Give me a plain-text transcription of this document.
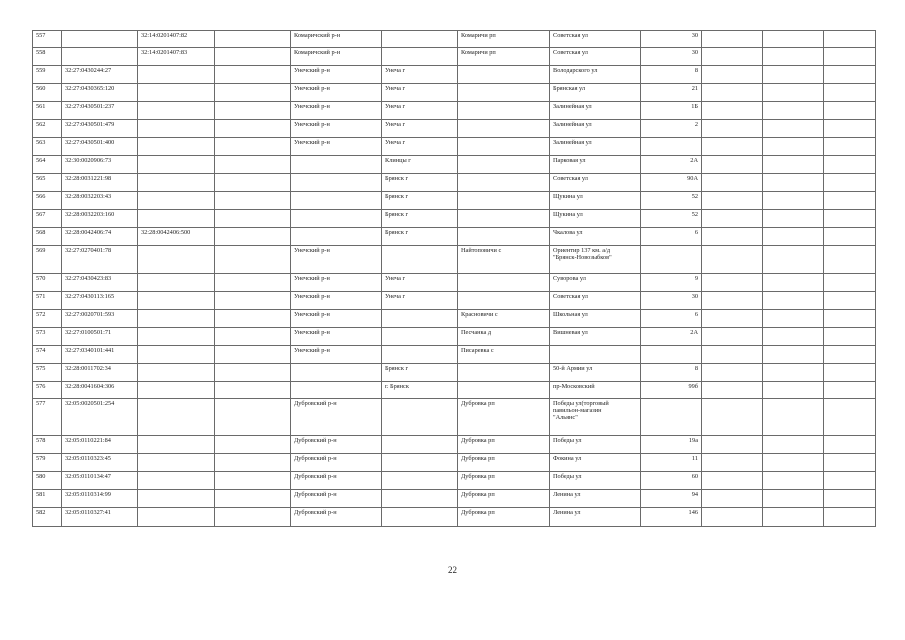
557		32:14:0201407:82		Комаричский р-н		Комаричи рп	Советская ул	30			
558		32:14:0201407:83		Комаричский р-н		Комаричи рп	Советская ул	30			
559	32:27:0430244:27			Унечский р-н	Унеча г		Володарского ул	8			
560	32:27:0430365:120			Унечский р-н	Унеча г		Брянская ул	21			
561	32:27:0430501:237			Унечский р-н	Унеча г		Залинейная ул	1Б			
562	32:27:0430501:479			Унечский р-н	Унеча г		Залинейная ул	2			
563	32:27:0430501:400			Унечский р-н	Унеча г		Залинейная ул				
564	32:30:0020906:73				Клинцы г		Парковая ул	2А			
565	32:28:0031221:98				Брянск г		Советская ул	90А			
566	32:28:0032203:43				Брянск г		Щукина ул	52			
567	32:28:0032203:160				Брянск г		Щукина ул	52			
568	32:28:0042406:74	32:28:0042406:500			Брянск г		Чкалова ул	6			
569	32:27:0270401:78			Унечский р-н		Найтоповичи с	Ориентир 137 км. а/д
"Брянск-Новозыбков"				
570	32:27:0430423:83			Унечский р-н	Унеча г		Суворова ул	9			
571	32:27:0430113:165			Унечский р-н	Унеча г		Советская ул	30			
572	32:27:0020701:593			Унечский р-н		Красновичи с	Школьная ул	6			
573	32:27:0100501:71			Унечский р-н		Песчанка д	Вишневая ул	2А			
574	32:27:0340101:441			Унечский р-н		Писаревка с					
575	32:28:0011702:34				Брянск г		50-й Армии ул	8			
576	32:28:0041604:306				г. Брянск		пр-Московский	99б			
577	32:05:0020501:254			Дубровский р-н		Дубровка рп	Победы ул(торговый
павильон-магазин
"Альянс"				
578	32:05:0110221:84			Дубровский р-н		Дубровка рп	Победы ул	19а			
579	32:05:0110323:45			Дубровский р-н		Дубровка рп	Фокина ул	11			
580	32:05:0110134:47			Дубровский р-н		Дубровка рп	Победы ул	60			
581	32:05:0110314:99			Дубровский р-н		Дубровка рп	Ленина ул	94			
582	32:05:0110327:41			Дубровский р-н		Дубровка рп	Ленина ул	146			
22
